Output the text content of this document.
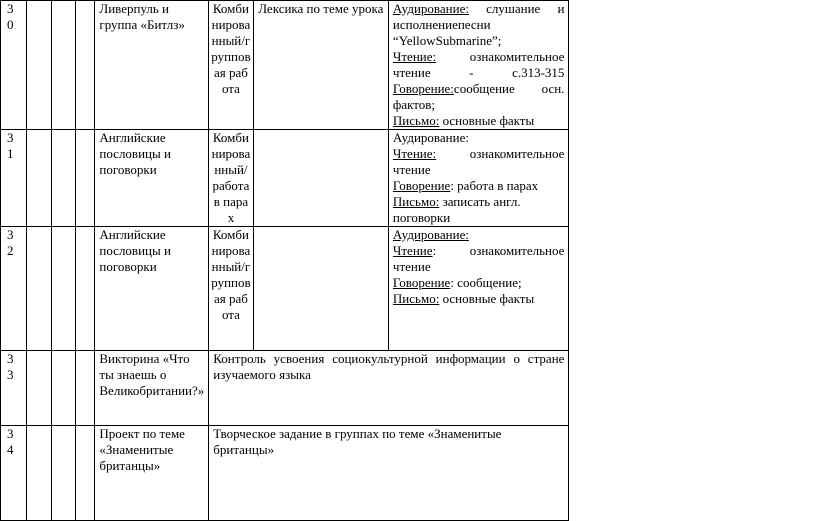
30				Ливерпуль и группа «Битлз»	Комбинированный/групповая работа	Лексика по теме урока	Аудирование: слушание и исполнениепесни “YellowSubmarine”;
Чтение: ознакомительное чтение - с.313-315
Говорение:сообщение осн. фактов;
Письмо: основные факты	

31				Английские пословицы и поговорки	Комбинированный/работа в парах		Аудирование:
Чтение: ознакомительное чтение
Говорение: работа в парах
Письмо: записать англ. поговорки	

32				Английские пословицы и поговорки	Комбинированный/групповая работа		Аудирование:
Чтение: ознакомительное чтение
Говорение: сообщение;
Письмо: основные факты	

33				Викторина «Что ты знаешь о Великобритании?»	Контроль усвоения социокультурной информации о стране изучаемого языка			

34				Проект по теме «Знаменитые британцы»	Творческое задание в группах по теме «Знаменитые британцы»			
